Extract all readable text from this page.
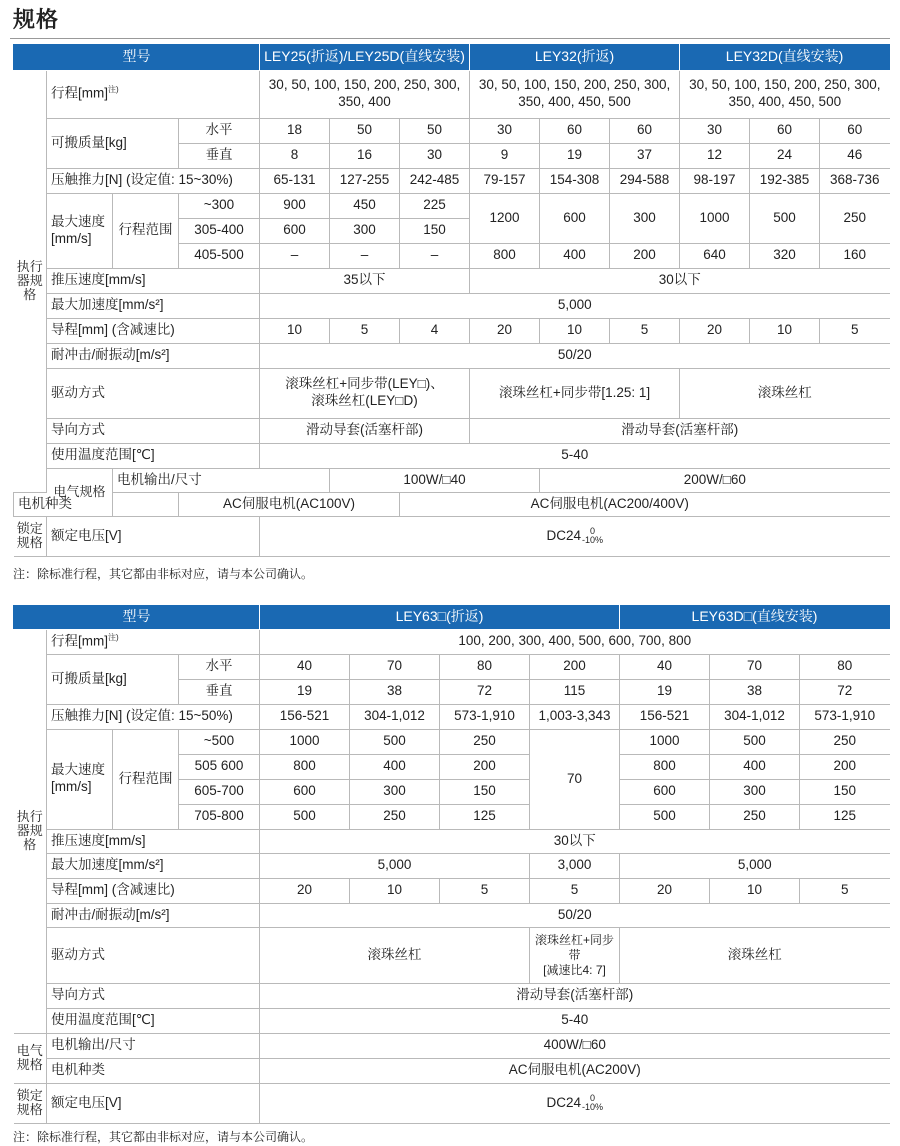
规格
型号				LEY25(折返)/LEY25D(直线安装)			LEY32(折返)			LEY32D(直线安装)		
执行器规格	行程[mm]$^{注)}$			30, 50, 100, 150, 200, 250, 300, 350, 400			30, 50, 100, 150, 200, 250, 300, 350, 400, 450, 500			30, 50, 100, 150, 200, 250, 300, 350, 400, 450, 500		
	可搬质量[kg]		水平	18	50	50	30	60	60	30	60	60
			垂直	8	16	30	9	19	37	12	24	46
	压触推力[N] (设定值: 15~30%)			65-131	127-255	242-485	79-157	154-308	294-588	98-197	192-385	368-736
	最大速度[mm/s]	行程范围	~300	900	450	225	1200	600	300	1000	500	250
			305-400	600	300	150						
			405-500	–	–	–	800	400	200	640	320	160
	推压速度[mm/s]			35以下			30以下					
	最大加速度[mm/s²]			5,000								
	导程[mm] (含减速比)			10	5	4	20	10	5	20	10	5
	耐冲击/耐振动[m/s²]			50/20								
	驱动方式			滚珠丝杠+同步带(LEY□)、
滚珠丝杠(LEY□D)			滚珠丝杠+同步带[1.25: 1]			滚珠丝杠		
	导向方式			滑动导套(活塞杆部)			滑动导套(活塞杆部)					
	使用温度范围[℃]			5-40								
	电气规格	电机输出/尺寸			100W/□40			200W/□60				
电机种类			AC伺服电机(AC100V)			AC伺服电机(AC200/400V)						
锁定规格	额定电压[V]			DC24 0
-10%								
注：除标准行程，其它都由非标对应，请与本公司确认。
型号				LEY63□(折返)				LEY63D□(直线安装)		
执行器规格	行程[mm]$^{注)}$			100, 200, 300, 400, 500, 600, 700, 800						
	可搬质量[kg]		水平	40	70	80	200	40	70	80
			垂直	19	38	72	115	19	38	72
	压触推力[N] (设定值: 15~50%)			156-521	304-1,012	573-1,910	1,003-3,343	156-521	304-1,012	573-1,910
	最大速度[mm/s]	行程范围	~500	1000	500	250	70	1000	500	250
			505 600	800	400	200		800	400	200
			605-700	600	300	150		600	300	150
			705-800	500	250	125		500	250	125
	推压速度[mm/s]			30以下						
	最大加速度[mm/s²]			5,000			3,000	5,000		
	导程[mm] (含减速比)			20	10	5	5	20	10	5
	耐冲击/耐振动[m/s²]			50/20						
	驱动方式			滚珠丝杠			滚珠丝杠+同步带
[减速比4: 7]	滚珠丝杠		
	导向方式			滑动导套(活塞杆部)						
	使用温度范围[℃]			5-40						
电气规格	电机输出/尺寸			400W/□60						
	电机种类			AC伺服电机(AC200V)						
锁定规格	额定电压[V]			DC24 0
-10%						
注：除标准行程，其它都由非标对应，请与本公司确认。
